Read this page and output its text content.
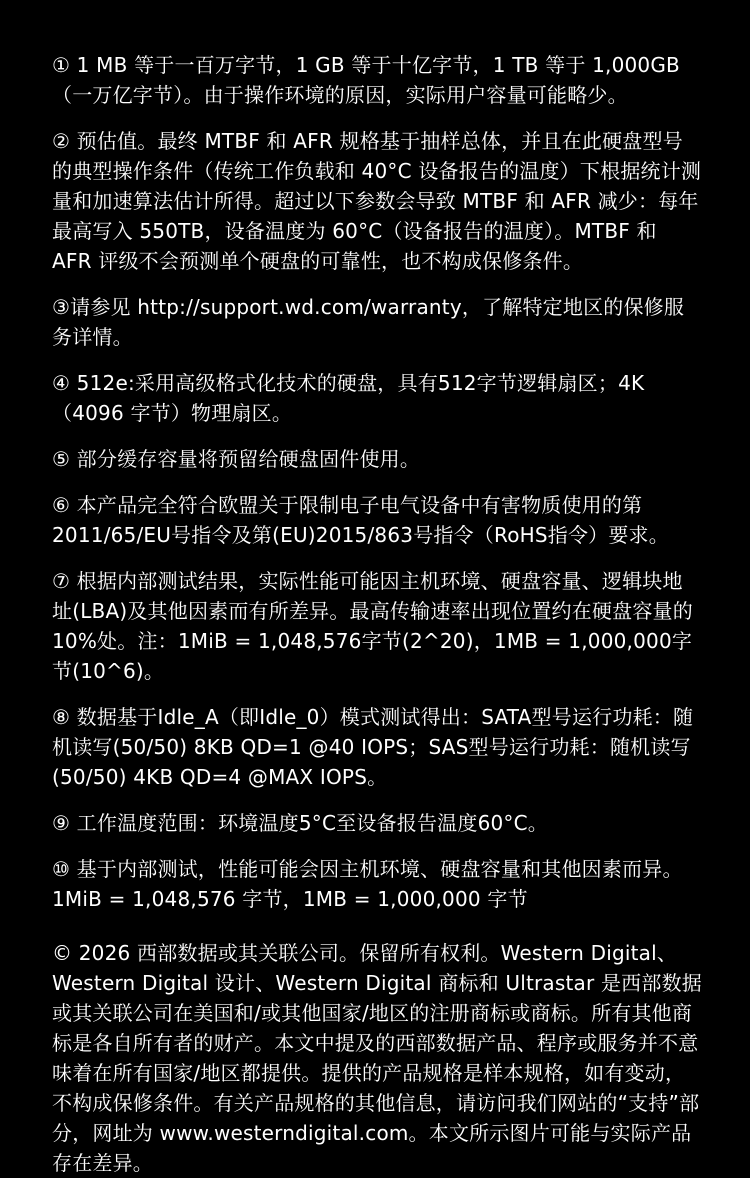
① 1 MB 等于一百万字节，1 GB 等于十亿字节，1 TB 等于 1,000GB（一万亿字节）。由于操作环境的原因，实际用户容量可能略少。

② 预估值。最终 MTBF 和 AFR 规格基于抽样总体，并且在此硬盘型号的典型操作条件（传统工作负载和 40°C 设备报告的温度）下根据统计测量和加速算法估计所得。超过以下参数会导致 MTBF 和 AFR 减少：每年最高写入 550TB，设备温度为 60°C（设备报告的温度）。MTBF 和 AFR 评级不会预测单个硬盘的可靠性，也不构成保修条件。

③请参见 http://support.wd.com/warranty，了解特定地区的保修服务详情。

④ 512e:采用高级格式化技术的硬盘，具有512字节逻辑扇区；4K（4096 字节）物理扇区。

⑤ 部分缓存容量将预留给硬盘固件使用。

⑥ 本产品完全符合欧盟关于限制电子电气设备中有害物质使用的第2011/65/EU号指令及第(EU)2015/863号指令（RoHS指令）要求。

⑦ 根据内部测试结果，实际性能可能因主机环境、硬盘容量、逻辑块地址(LBA)及其他因素而有所差异。最高传输速率出现位置约在硬盘容量的10%处。注：1MiB = 1,048,576字节(2^20)，1MB = 1,000,000字节(10^6)。

⑧ 数据基于Idle_A（即Idle_0）模式测试得出：SATA型号运行功耗：随机读写(50/50) 8KB QD=1 @40 IOPS；SAS型号运行功耗：随机读写(50/50) 4KB QD=4 @MAX IOPS。

⑨ 工作温度范围：环境温度5°C至设备报告温度60°C。

⑩ 基于内部测试，性能可能会因主机环境、硬盘容量和其他因素而异。1MiB = 1,048,576 字节，1MB = 1,000,000 字节

© 2026 西部数据或其关联公司。保留所有权利。Western Digital、Western Digital 设计、Western Digital 商标和 Ultrastar 是西部数据或其关联公司在美国和/或其他国家/地区的注册商标或商标。所有其他商标是各自所有者的财产。本文中提及的西部数据产品、程序或服务并不意味着在所有国家/地区都提供。提供的产品规格是样本规格，如有变动，不构成保修条件。有关产品规格的其他信息，请访问我们网站的“支持”部分，网址为 www.westerndigital.com。本文所示图片可能与实际产品存在差异。
